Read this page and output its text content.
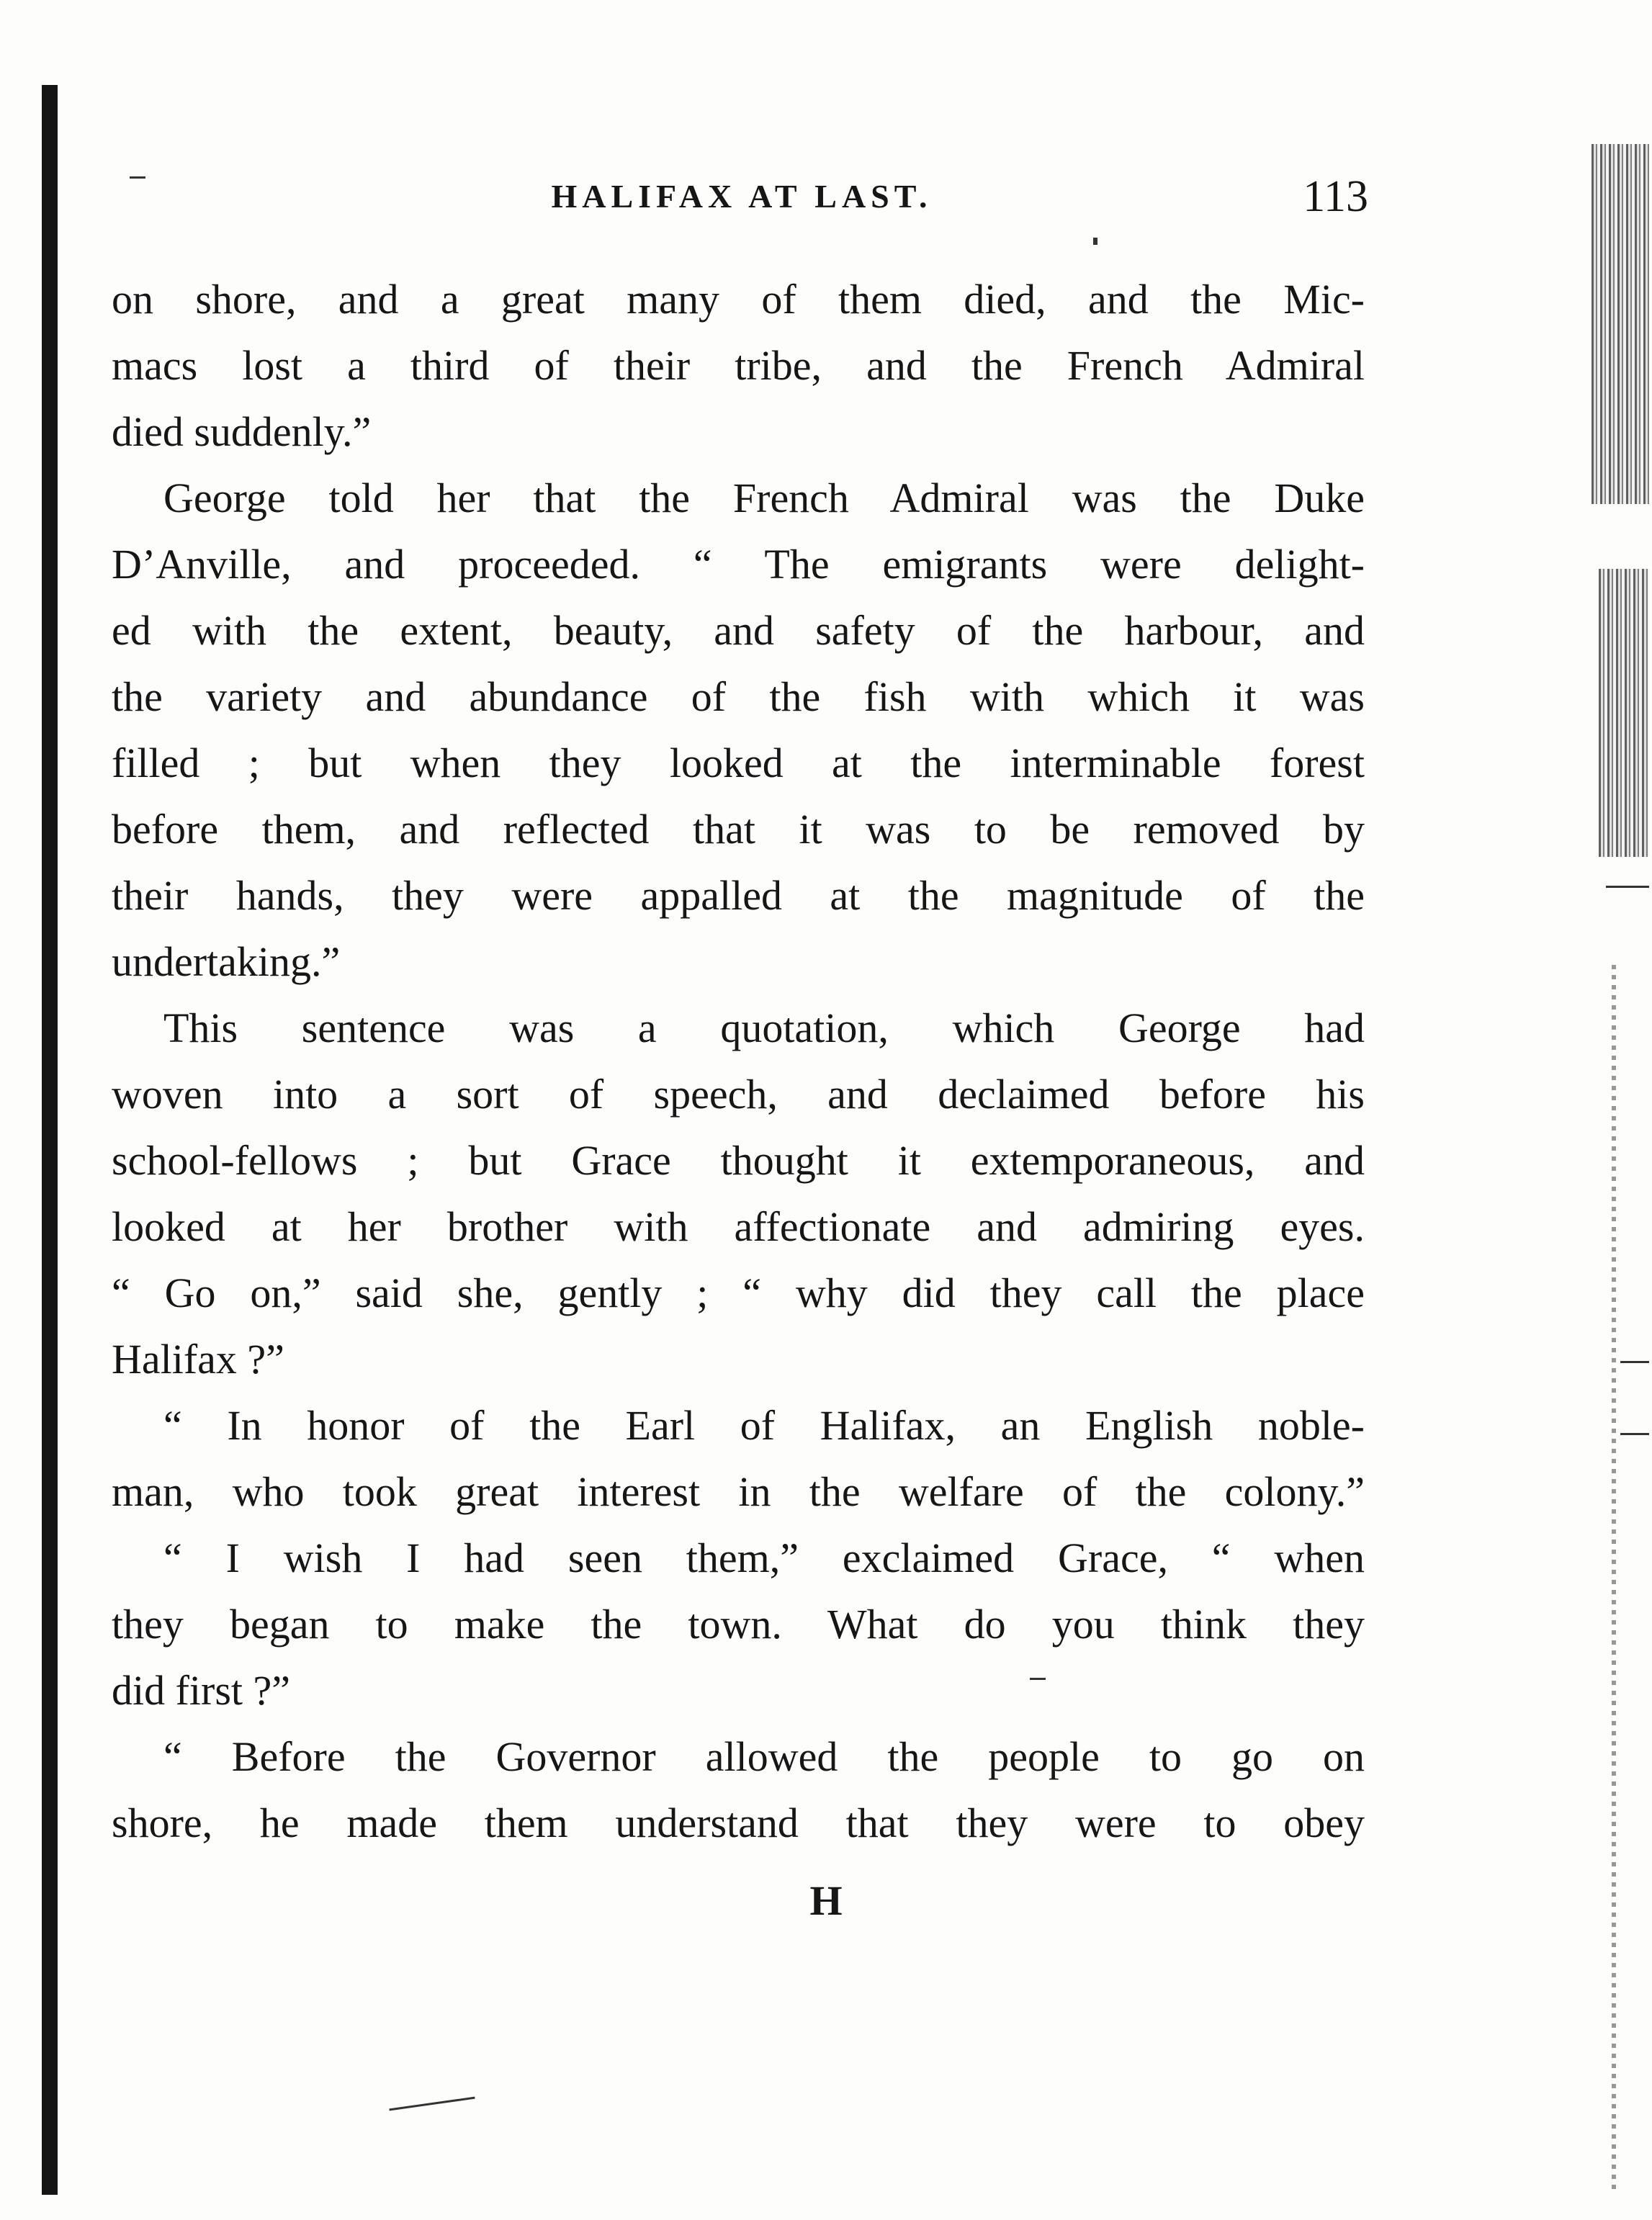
HALIFAX AT LAST.	113
on shore, and a great many of them died, and the Mic-
macs lost a third of their tribe, and the French Admiral
died suddenly.”
George told her that the French Admiral was the Duke
D’Anville, and proceeded. “ The emigrants were delight-
ed with the extent, beauty, and safety of the harbour, and
the variety and abundance of the fish with which it was
filled ; but when they looked at the interminable forest
before them, and reflected that it was to be removed by
their hands, they were appalled at the magnitude of the
undertaking.”
This sentence was a quotation, which George had
woven into a sort of speech, and declaimed before his
school-fellows ; but Grace thought it extemporaneous, and
looked at her brother with affectionate and admiring eyes.
“ Go on,” said she, gently ; “ why did they call the place
Halifax ?”
“ In honor of the Earl of Halifax, an English noble-
man, who took great interest in the welfare of the colony.”
“ I wish I had seen them,” exclaimed Grace, “ when
they began to make the town. What do you think they
did first ?”
“ Before the Governor allowed the people to go on
shore, he made them understand that they were to obey
H
